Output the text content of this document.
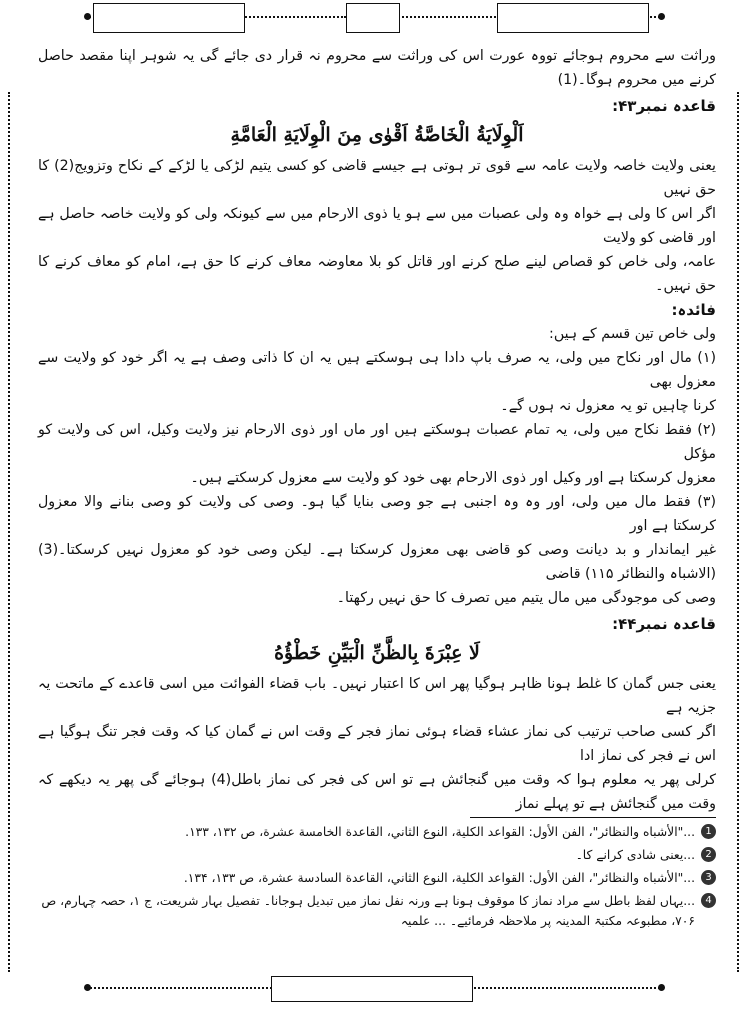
وراثت سے محروم ہوجائے تووہ عورت اس کی وراثت سے محروم نہ قرار دی جائے گی یہ شوہر اپنا مقصد حاصل کرنے میں محروم ہوگا۔(1)

قاعدہ نمبر۴۳:

اَلْوِلَايَةُ الْخَاصَّةُ اَقْوٰى مِنَ الْوِلَايَةِ الْعَامَّةِ

یعنی ولایت خاصہ ولایت عامہ سے قوی تر ہوتی ہے جیسے قاضی کو کسی یتیم لڑکی یا لڑکے کے نکاح وتزویج(2) کا حق نہیں

اگر اس کا ولی ہے خواہ وہ ولی عصبات میں سے ہو یا ذوی الارحام میں سے کیونکہ ولی کو ولایت خاصہ حاصل ہے اور قاضی کو ولایت

عامہ، ولی خاص کو قصاص لینے صلح کرنے اور قاتل کو بلا معاوضہ معاف کرنے کا حق ہے، امام کو معاف کرنے کا حق نہیں۔

فائدہ:

ولی خاص تین قسم کے ہیں:

(۱) مال اور نکاح میں ولی، یہ صرف باپ دادا ہی ہوسکتے ہیں یہ ان کا ذاتی وصف ہے یہ اگر خود کو ولایت سے معزول بھی

کرنا چاہیں تو یہ معزول نہ ہوں گے۔

(۲) فقط نکاح میں ولی، یہ تمام عصبات ہوسکتے ہیں اور ماں اور ذوی الارحام نیز ولایت وکیل، اس کی ولایت کو مؤکل

معزول کرسکتا ہے اور وکیل اور ذوی الارحام بھی خود کو ولایت سے معزول کرسکتے ہیں۔

(۳) فقط مال میں ولی، اور وہ وہ اجنبی ہے جو وصی بنایا گیا ہو۔ وصی کی ولایت کو وصی بنانے والا معزول کرسکتا ہے اور

غیر ایماندار و بد دیانت وصی کو قاضی بھی معزول کرسکتا ہے۔ لیکن وصی خود کو معزول نہیں کرسکتا۔(3) (الاشباہ والنظائر ۱۱۵) قاضی

وصی کی موجودگی میں مال یتیم میں تصرف کا حق نہیں رکھتا۔

قاعدہ نمبر۴۴:

لَا عِبْرَةَ بِالظَّنِّ الْبَيِّنِ خَطْؤُهُ

یعنی جس گمان کا غلط ہونا ظاہر ہوگیا پھر اس کا اعتبار نہیں۔ باب قضاء الفوائت میں اسی قاعدے کے ماتحت یہ جزیہ ہے

اگر کسی صاحب ترتیب کی نماز عشاء قضاء ہوئی نماز فجر کے وقت اس نے گمان کیا کہ وقت فجر تنگ ہوگیا ہے اس نے فجر کی نماز ادا

کرلی پھر یہ معلوم ہوا کہ وقت میں گنجائش ہے تو اس کی فجر کی نماز باطل(4) ہوجائے گی پھر یہ دیکھے کہ وقت میں گنجائش ہے تو پہلے نماز

1
..."الأشباه والنظائر"، الفن الأول: القواعد الكلية، النوع الثاني، القاعدة الخامسة عشرة، ص ۱۳۲، ۱۳۳.
2
...یعنی شادی کرانے کا۔
3
..."الأشباه والنظائر"، الفن الأول: القواعد الكلية، النوع الثاني، القاعدة السادسة عشرة، ص ۱۳۳، ۱۳۴.
4
...یہاں لفظ باطل سے مراد نماز کا موقوف ہونا ہے ورنہ نفل نماز میں تبدیل ہوجانا۔ تفصیل بہار شریعت، ج ۱، حصہ چہارم، ص ۷۰۶، مطبوعہ مکتبۃ المدینہ پر ملاحظہ فرمائیے۔ ... علمیہ
